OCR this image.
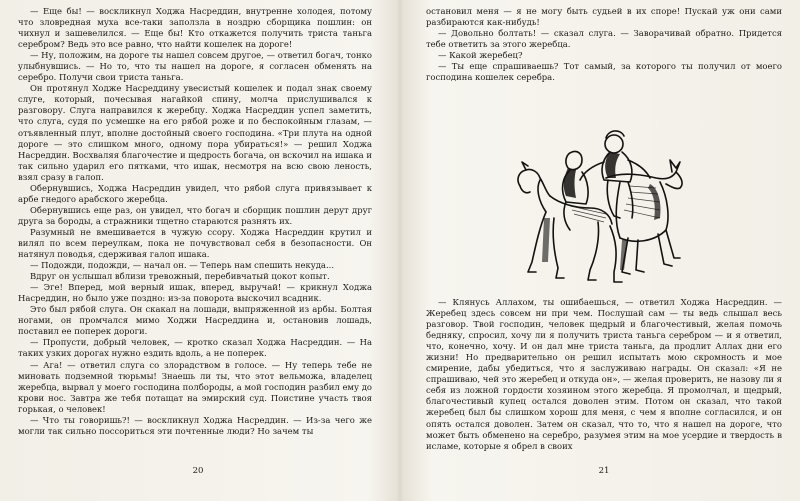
— Еще бы! — воскликнул Ходжа Насреддин, внутренне холодея, потому что зловредная муха все-таки заползла в ноздрю сборщика пошлин: он чихнул и зашевелился. — Еще бы! Кто откажется получить триста таньга серебром? Ведь это все равно, что найти кошелек на дороге!

— Ну, положим, на дороге ты нашел совсем другое, — ответил богач, тонко улыбнувшись. — Но то, что ты нашел на дороге, я согласен обменять на серебро. Получи свои триста таньга.

Он протянул Ходже Насреддину увесистый кошелек и подал знак своему слуге, который, почесывая нагайкой спину, молча прислушивался к разговору. Слуга направился к жеребцу. Ходжа Насреддин успел заметить, что слуга, судя по усмешке на его рябой роже и по беспокойным глазам, — отъявленный плут, вполне достойный своего господина. «Три плута на одной дороге — это слишком много, одному пора убираться!» — решил Ходжа Насреддин. Восхваляя благочестие и щедрость богача, он вскочил на ишака и так сильно ударил его пятками, что ишак, несмотря на всю свою леность, взял сразу в галоп.

Обернувшись, Ходжа Насреддин увидел, что рябой слуга привязывает к арбе гнедого арабского жеребца.

Обернувшись еще раз, он увидел, что богач и сборщик пошлин дерут друг друга за бороды, а стражники тщетно стараются разнять их.

Разумный не вмешивается в чужую ссору. Ходжа Насреддин крутил и вилял по всем переулкам, пока не почувствовал себя в безопасности. Он натянул поводья, сдерживая галоп ишака.

— Подожди, подожди, — начал он. — Теперь нам спешить некуда...

Вдруг он услышал вблизи тревожный, перебивчатый цокот копыт.

— Эге! Вперед, мой верный ишак, вперед, выручай! — крикнул Ходжа Насреддин, но было уже поздно: из-за поворота выскочил всадник.

Это был рябой слуга. Он скакал на лошади, выпряженной из арбы. Болтая ногами, он промчался мимо Ходжи Насреддина и, остановив лошадь, поставил ее поперек дороги.

— Пропусти, добрый человек, — кротко сказал Ходжа Насреддин. — На таких узких дорогах нужно ездить вдоль, а не поперек.

— Ага! — ответил слуга со злорадством в голосе. — Ну теперь тебе не миновать подземной тюрьмы! Знаешь ли ты, что этот вельможа, владелец жеребца, вырвал у моего господина полбороды, а мой господин разбил ему до крови нос. Завтра же тебя потащат на эмирский суд. Поистине участь твоя горькая, о человек!

— Что ты говоришь?! — воскликнул Ходжа Насреддин. — Из-за чего же могли так сильно поссориться эти почтенные люди? Но зачем ты

20

остановил меня — я не могу быть судьей в их споре! Пускай уж они сами разбираются как-нибудь!

— Довольно болтать! — сказал слуга. — Заворачивай обратно. Придется тебе ответить за этого жеребца.

— Какой жеребец?

— Ты еще спрашиваешь? Тот самый, за которого ты получил от моего господина кошелек серебра.

— Клянусь Аллахом, ты ошибаешься, — ответил Ходжа Насреддин. — Жеребец здесь совсем ни при чем. Послушай сам — ты ведь слышал весь разговор. Твой господин, человек щедрый и благочестивый, желая помочь бедняку, спросил, хочу ли я получить триста таньга серебром — и я ответил, что, конечно, хочу. И он дал мне триста таньга, да продлит Аллах дни его жизни! Но предварительно он решил испытать мою скромность и мое смирение, дабы убедиться, что я заслуживаю награды. Он сказал: «Я не спрашиваю, чей это жеребец и откуда он», — желая проверить, не назову ли я себя из ложной гордости хозяином этого жеребца. Я промолчал, и щедрый, благочестивый купец остался доволен этим. Потом он сказал, что такой жеребец был бы слишком хорош для меня, с чем я вполне согласился, и он опять остался доволен. Затем он сказал, что то, что я нашел на дороге, что может быть обменено на серебро, разумея этим на мое усердие и твердость в исламе, которые я обрел в своих

21
